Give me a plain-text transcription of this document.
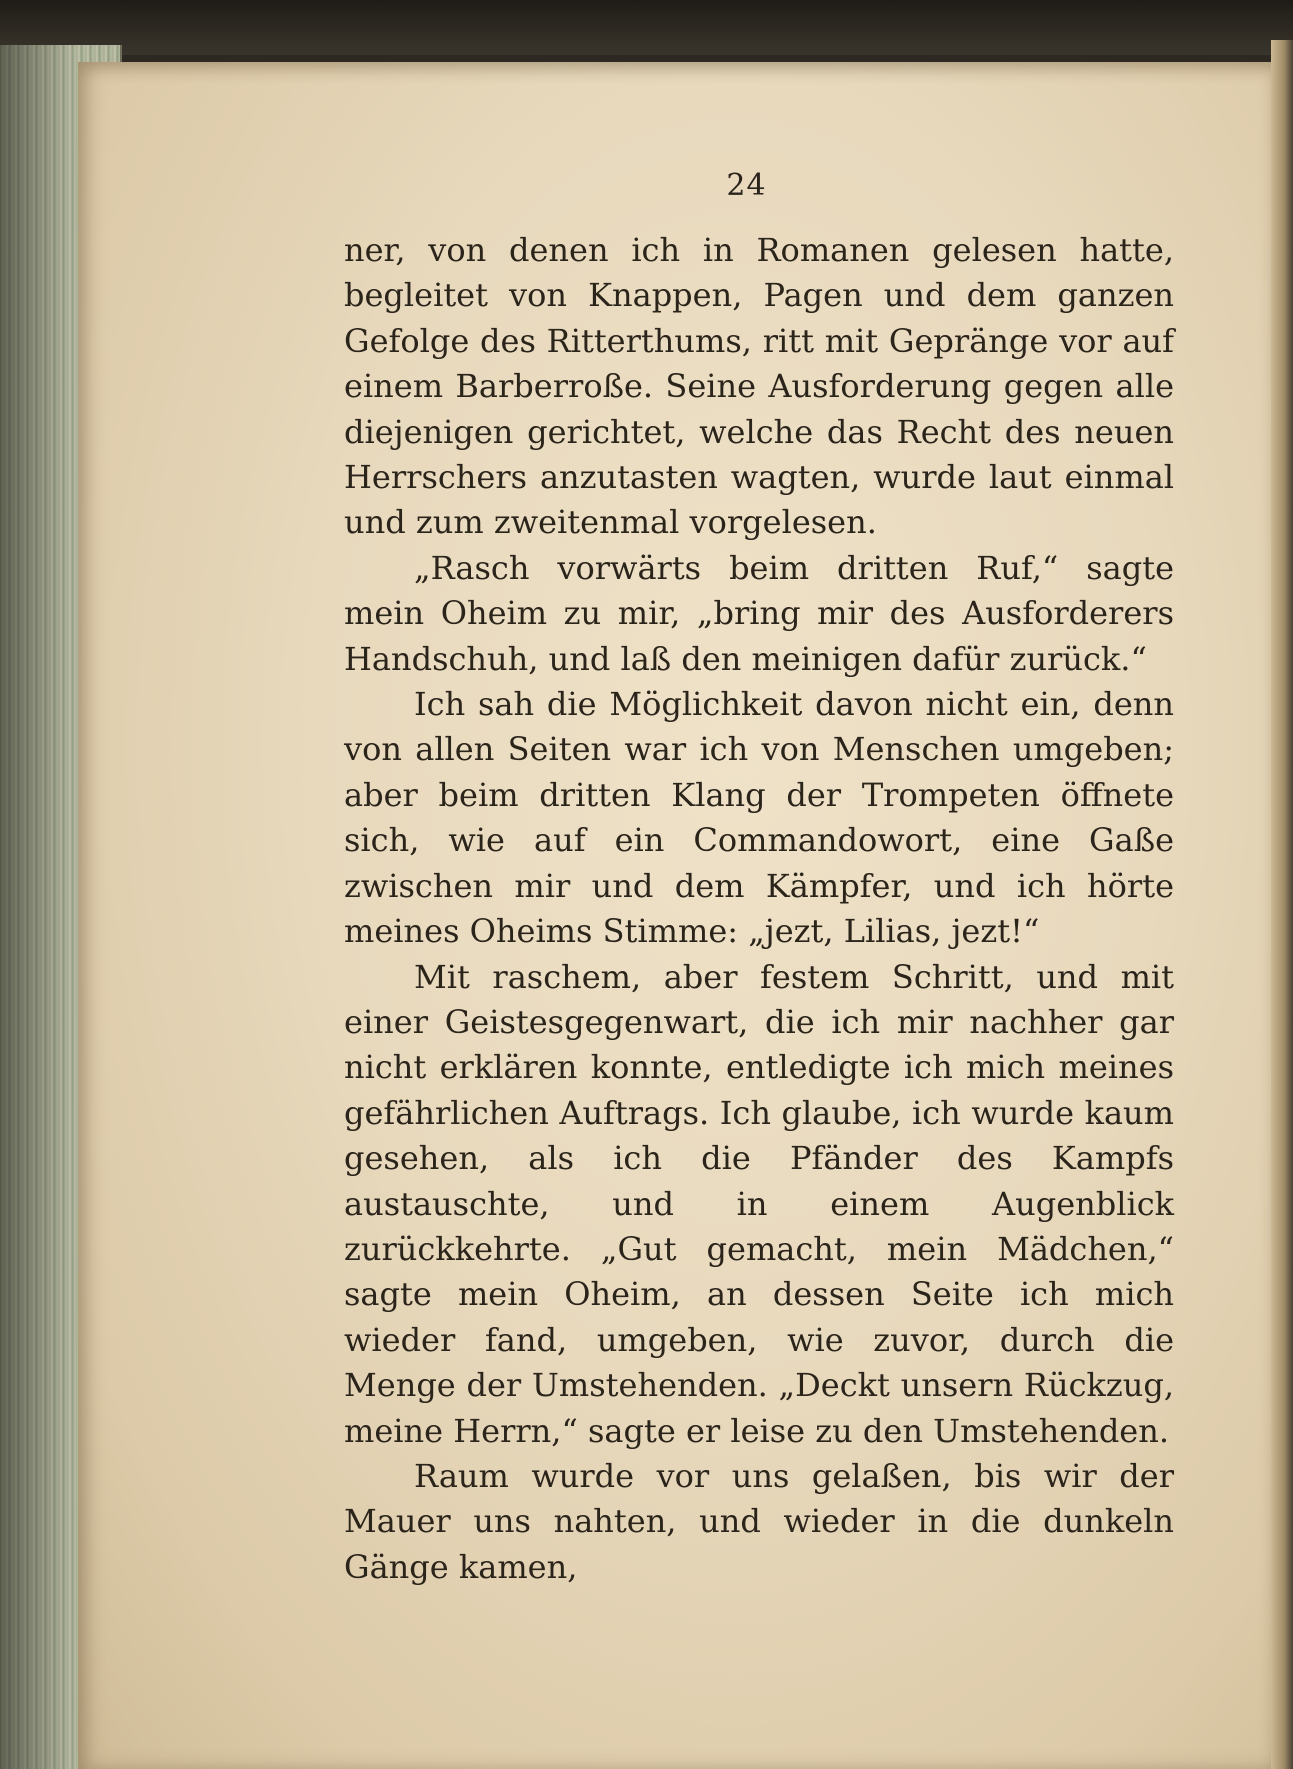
24

ner, von denen ich in Romanen gelesen hatte, begleitet von Knappen, Pagen und dem ganzen Gefolge des Ritterthums, ritt mit Gepränge vor auf einem Barberroße. Seine Ausforderung gegen alle diejenigen gerichtet, welche das Recht des neuen Herrschers anzutasten wagten, wurde laut einmal und zum zweitenmal vorgelesen.

„Rasch vorwärts beim dritten Ruf,“ sagte mein Oheim zu mir, „bring mir des Ausforderers Handschuh, und laß den meinigen dafür zurück.“

Ich sah die Möglichkeit davon nicht ein, denn von allen Seiten war ich von Menschen umgeben; aber beim dritten Klang der Trompeten öffnete sich, wie auf ein Commandowort, eine Gaße zwischen mir und dem Kämpfer, und ich hörte meines Oheims Stimme: „jezt, Lilias, jezt!“

Mit raschem, aber festem Schritt, und mit einer Geistesgegenwart, die ich mir nachher gar nicht erklären konnte, entledigte ich mich meines gefährlichen Auftrags. Ich glaube, ich wurde kaum gesehen, als ich die Pfänder des Kampfs austauschte, und in einem Augenblick zurückkehrte. „Gut gemacht, mein Mädchen,“ sagte mein Oheim, an dessen Seite ich mich wieder fand, umgeben, wie zuvor, durch die Menge der Umstehenden. „Deckt unsern Rückzug, meine Herrn,“ sagte er leise zu den Umstehenden.

Raum wurde vor uns gelaßen, bis wir der Mauer uns nahten, und wieder in die dunkeln Gänge kamen,
